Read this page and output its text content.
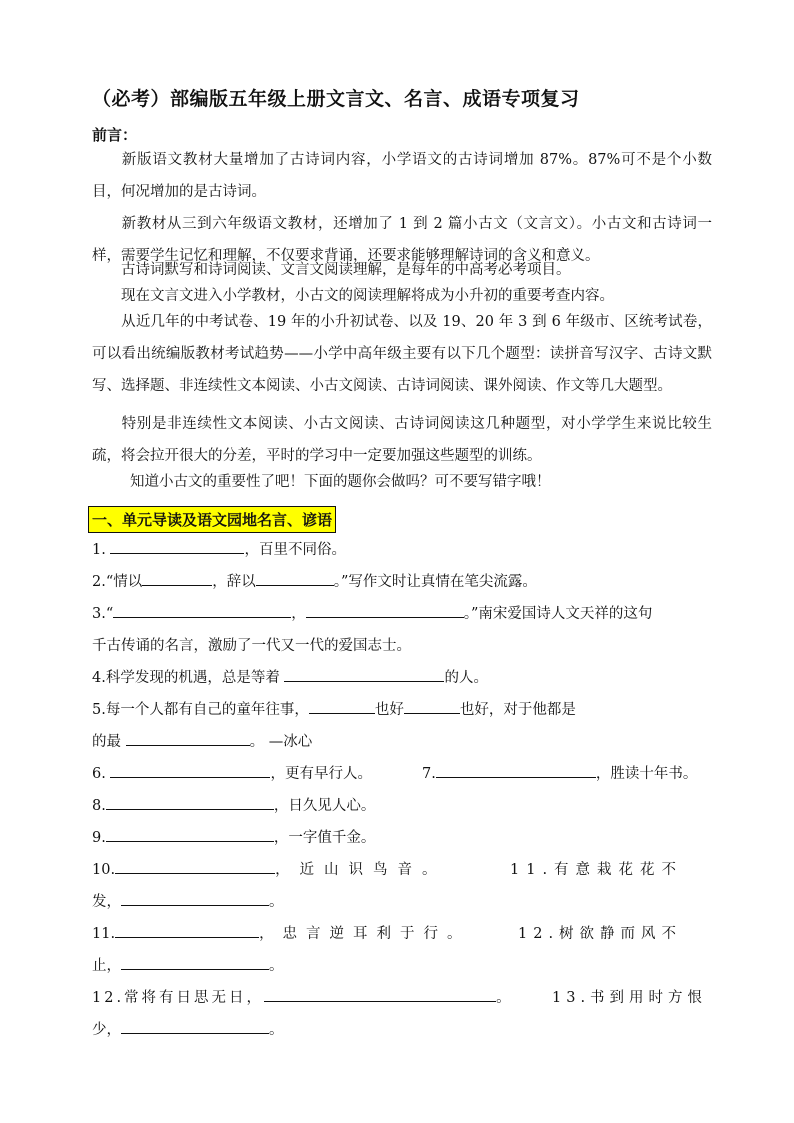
（必考）部编版五年级上册文言文、名言、成语专项复习
前言：
新版语文教材大量增加了古诗词内容，小学语文的古诗词增加 87%。87%可不是个小数目，何况增加的是古诗词。
新教材从三到六年级语文教材，还增加了 1 到 2 篇小古文（文言文）。小古文和古诗词一样，需要学生记忆和理解，不仅要求背诵，还要求能够理解诗词的含义和意义。
古诗词默写和诗词阅读、文言文阅读理解，是每年的中高考必考项目。
现在文言文进入小学教材，小古文的阅读理解将成为小升初的重要考查内容。
从近几年的中考试卷、19 年的小升初试卷、以及 19、20 年 3 到 6 年级市、区统考试卷，可以看出统编版教材考试趋势——小学中高年级主要有以下几个题型：读拼音写汉字、古诗文默写、选择题、非连续性文本阅读、小古文阅读、古诗词阅读、课外阅读、作文等几大题型。
特别是非连续性文本阅读、小古文阅读、古诗词阅读这几种题型，对小学学生来说比较生疏，将会拉开很大的分差，平时的学习中一定要加强这些题型的训练。
知道小古文的重要性了吧！下面的题你会做吗？可不要写错字哦！
一、单元导读及语文园地名言、谚语
1.	，百里不同俗。
2.“情以	，辞以	。”写作文时让真情在笔尖流露。
3.“	，	。”南宋爱国诗人文天祥的这句
千古传诵的名言，激励了一代又一代的爱国志士。
4.科学发现的机遇，总是等着	的人。
5.每一个人都有自己的童年往事，	也好	也好，对于他都是
的最	。 —冰心
6.	，更有早行人。	7.	，胜读十年书。
8.	，日久见人心。
9.	，一字值千金。
10.	，近山识鸟音。	11.有意栽花花不
发，	。
11.	，忠言逆耳利于行。	12.树欲静而风不
止，	。
12.常将有日思无日，	。	13.书到用时方恨
少，	。
